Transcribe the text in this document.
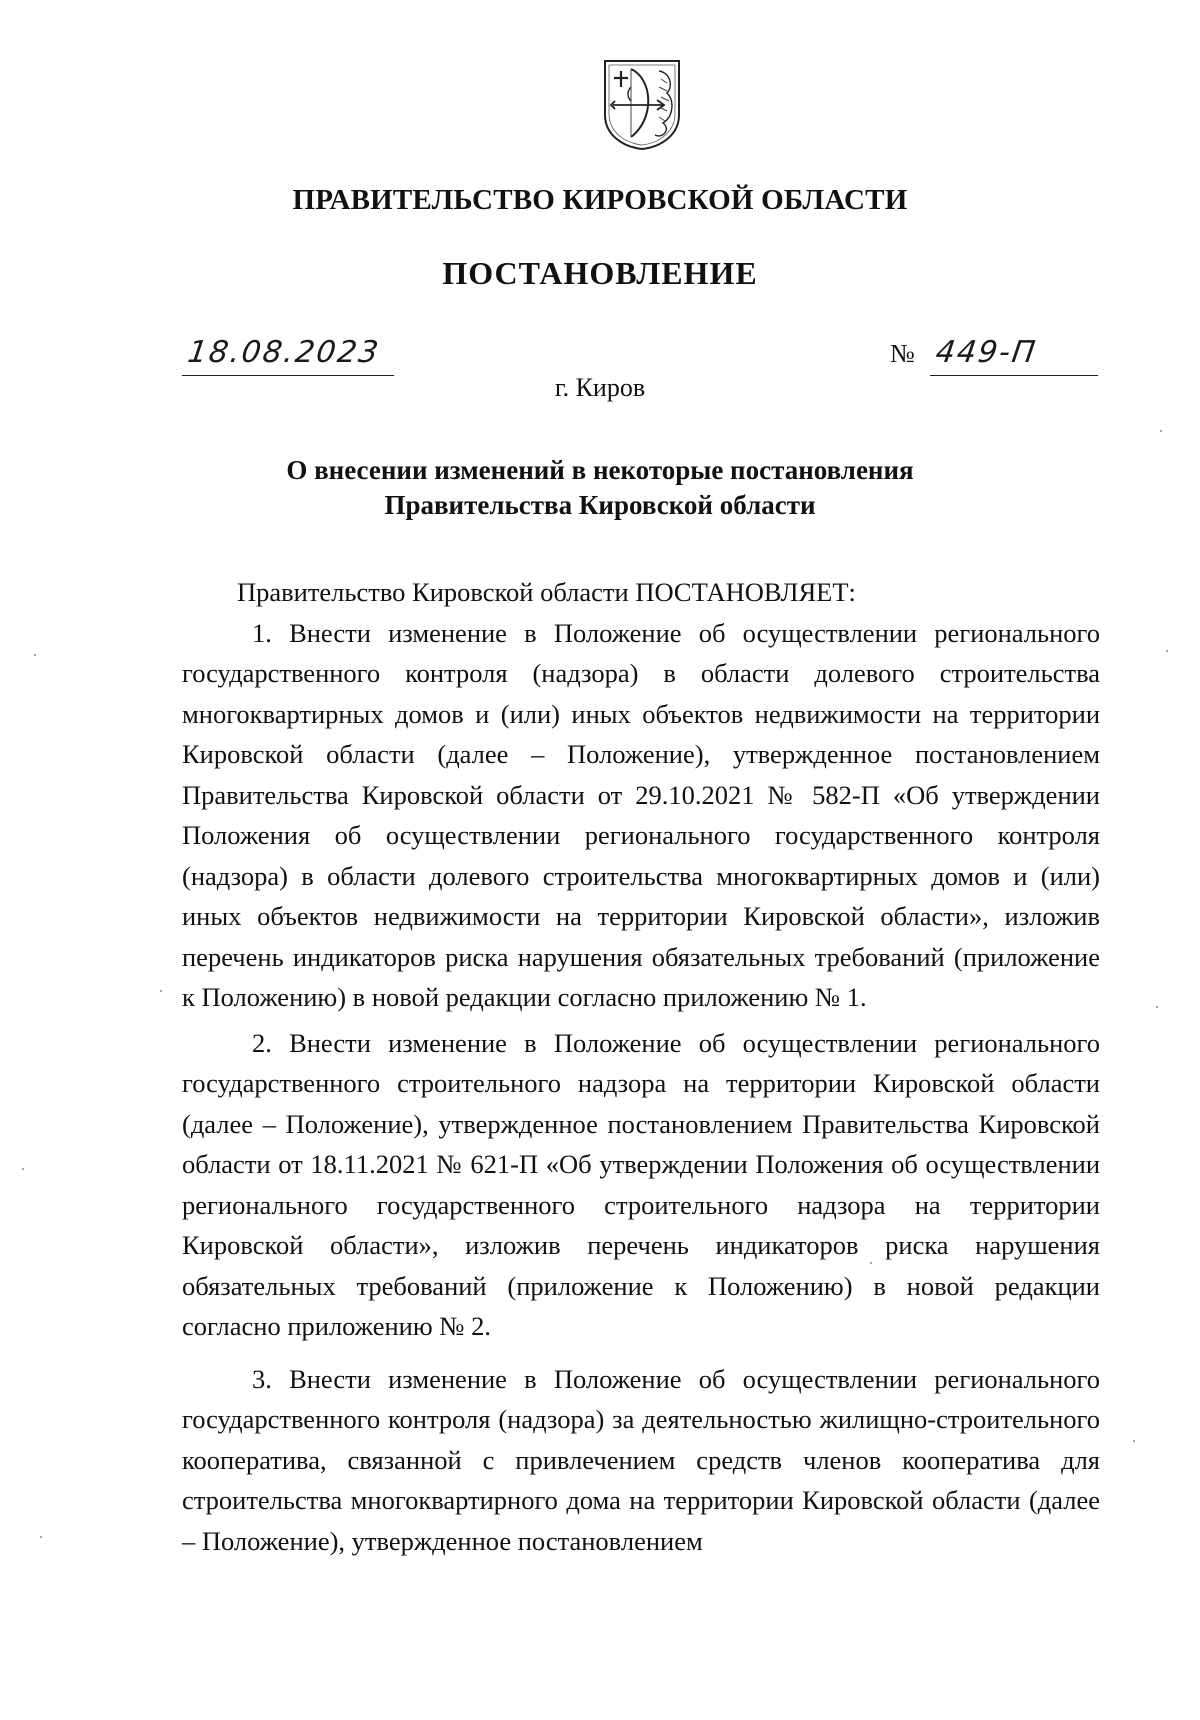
ПРАВИТЕЛЬСТВО КИРОВСКОЙ ОБЛАСТИ
ПОСТАНОВЛЕНИЕ
18.08.2023	№ 449-П
г. Киров
О внесении изменений в некоторые постановления
Правительства Кировской области

Правительство Кировской области ПОСТАНОВЛЯЕТ:

1. Внести изменение в Положение об осуществлении регионального государственного контроля (надзора) в области долевого строительства многоквартирных домов и (или) иных объектов недвижимости на территории Кировской области (далее – Положение), утвержденное постановлением Правительства Кировской области от 29.10.2021 № 582-П «Об утверждении Положения об осуществлении регионального государственного контроля (надзора) в области долевого строительства многоквартирных домов и (или) иных объектов недвижимости на территории Кировской области», изложив перечень индикаторов риска нарушения обязательных требований (приложение к Положению) в новой редакции согласно приложению № 1.

2. Внести изменение в Положение об осуществлении регионального государственного строительного надзора на территории Кировской области (далее – Положение), утвержденное постановлением Правительства Кировской области от 18.11.2021 № 621-П «Об утверждении Положения об осуществлении регионального государственного строительного надзора на территории Кировской области», изложив перечень индикаторов риска нарушения обязательных требований (приложение к Положению) в новой редакции согласно приложению № 2.

3. Внести изменение в Положение об осуществлении регионального государственного контроля (надзора) за деятельностью жилищно-строительного кооператива, связанной с привлечением средств членов кооператива для строительства многоквартирного дома на территории Кировской области (далее – Положение), утвержденное постановлением
